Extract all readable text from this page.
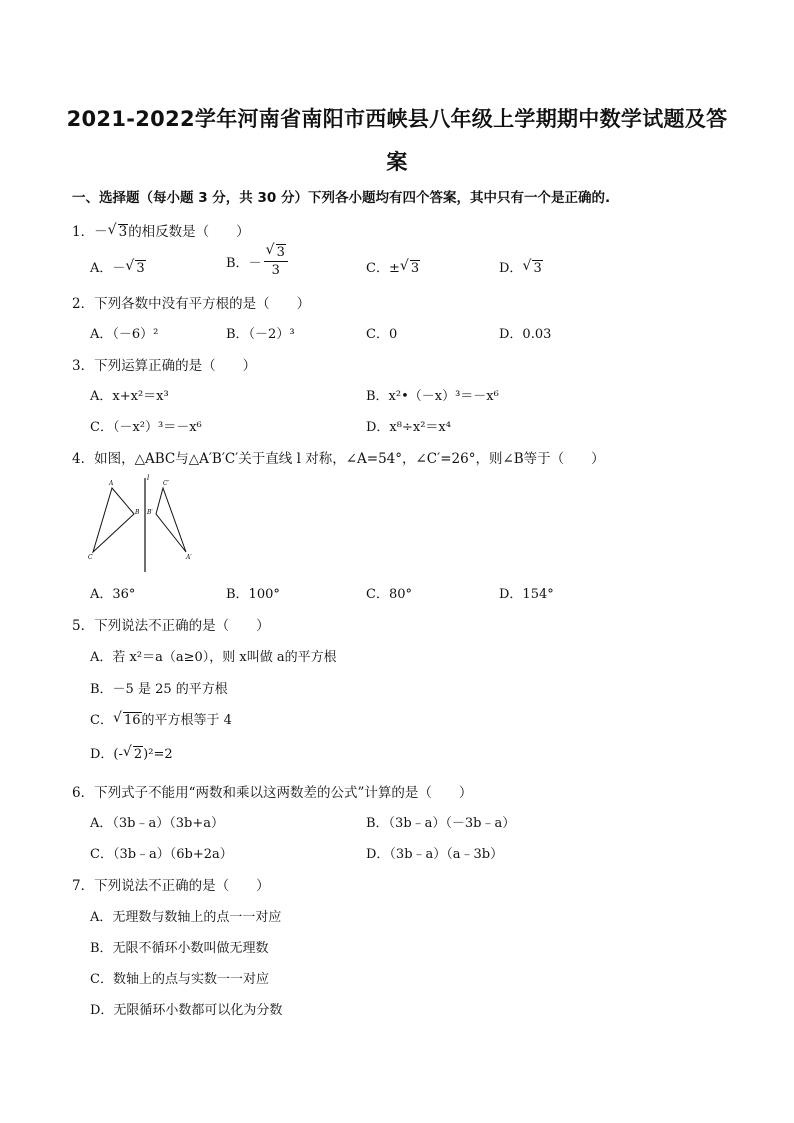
2021-2022学年河南省南阳市西峡县八年级上学期期中数学试题及答
案
一、选择题（每小题 3 分，共 30 分）下列各小题均有四个答案，其中只有一个是正确的.
1．－ √ 3的相反数是（　　）
A．－ √ 3	B．－ √ $\frac{3}{3}$	C．± √ 3	D． √ 3
2．下列各数中没有平方根的是（　　）
A．（－6）²	B．（－2）³	C．0	D．0.03
3．下列运算正确的是（　　）
A．x+x²＝x³	B．x²•（－x）³＝－x⁶
C．（－x²）³＝－x⁶	D．x⁸÷x²＝x⁴
4．如图，△ABC与△A′B′C′关于直线 l 对称，∠A=54°，∠C′=26°，则∠B等于（　　）
l
A
B
C
C′
B′
A′
A．36°	B．100°	C．80°	D．154°
5．下列说法不正确的是（　　）
A．若 x²＝a（a≥0），则 x叫做 a的平方根
B．－5 是 25 的平方根
C． √ 16的平方根等于 4
D．(- √ 2)²=2
6．下列式子不能用“两数和乘以这两数差的公式”计算的是（　　）
A．（3b﹣a）（3b+a）	B．（3b﹣a）（－3b﹣a）
C．（3b﹣a）（6b+2a）	D．（3b﹣a）（a﹣3b）
7．下列说法不正确的是（　　）
A．无理数与数轴上的点一一对应
B．无限不循环小数叫做无理数
C．数轴上的点与实数一一对应
D．无限循环小数都可以化为分数
